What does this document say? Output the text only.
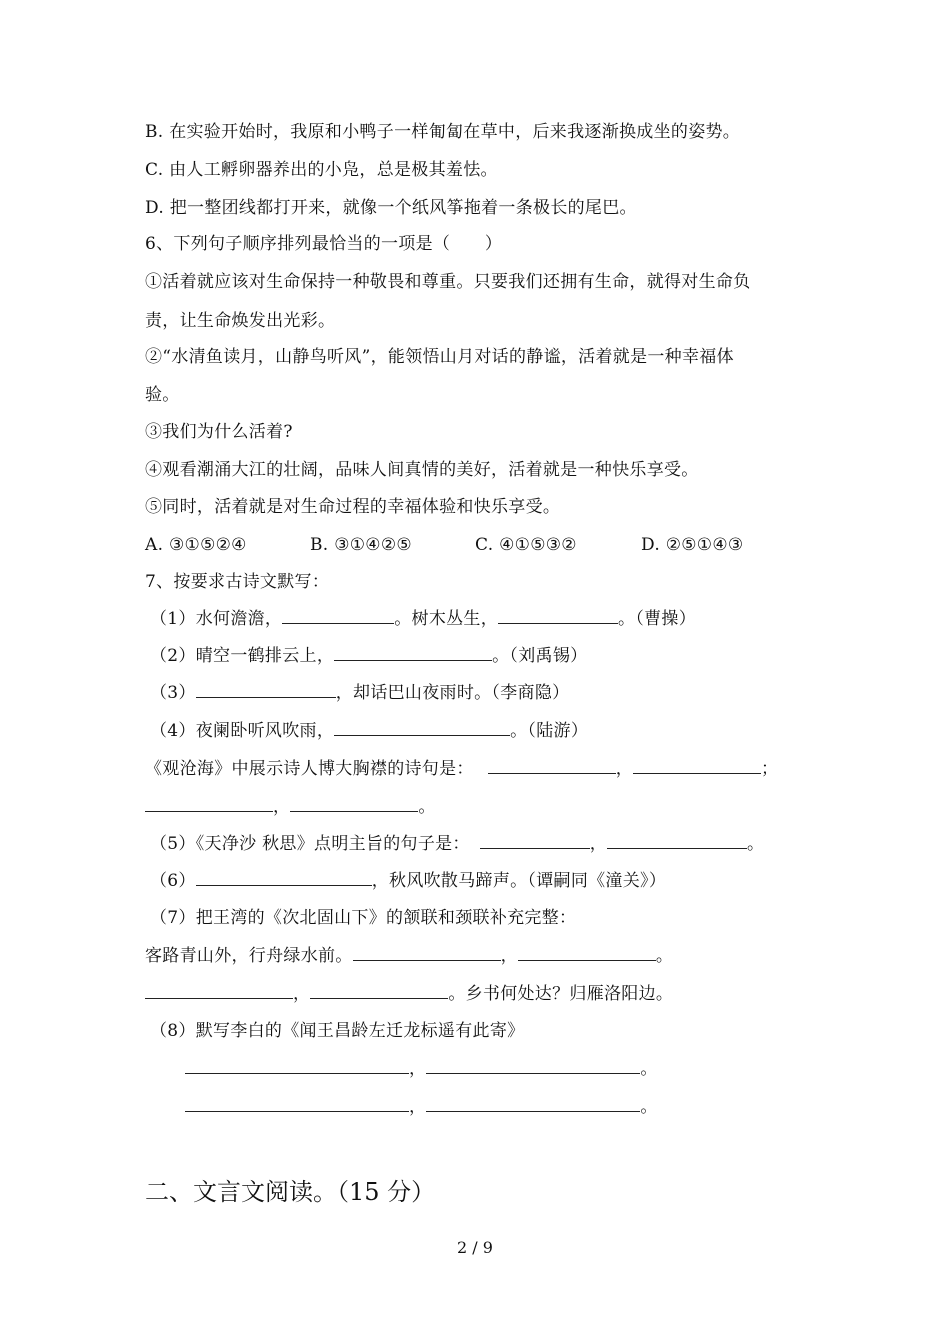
B. 在实验开始时，我原和小鸭子一样匍匐在草中，后来我逐渐换成坐的姿势。
C. 由人工孵卵器养出的小凫，总是极其羞怯。
D. 把一整团线都打开来，就像一个纸风筝拖着一条极长的尾巴。
6、下列句子顺序排列最恰当的一项是（　　）
①活着就应该对生命保持一种敬畏和尊重。只要我们还拥有生命，就得对生命负
责，让生命焕发出光彩。
②“水清鱼读月，山静鸟听风”，能领悟山月对话的静谧，活着就是一种幸福体
验。
③我们为什么活着?
④观看潮涌大江的壮阔，品味人间真情的美好，活着就是一种快乐享受。
⑤同时，活着就是对生命过程的幸福体验和快乐享受。
A. ③①⑤②④	B. ③①④②⑤	C. ④①⑤③②	D. ②⑤①④③
7、按要求古诗文默写：
（1）水何澹澹，	。树木丛生，	。（曹操）
（2）晴空一鹤排云上，	。（刘禹锡）
（3）	，却话巴山夜雨时。（李商隐）
（4）夜阑卧听风吹雨，	。（陆游）
《观沧海》中展示诗人博大胸襟的诗句是：	，	；
，	。
（5）《天净沙 秋思》点明主旨的句子是：	，	。
（6）	，秋风吹散马蹄声。（谭嗣同《潼关》）
（7）把王湾的《次北固山下》的颔联和颈联补充完整：
客路青山外，行舟绿水前。	，	。
，	。乡书何处达？归雁洛阳边。
（8）默写李白的《闻王昌龄左迁龙标遥有此寄》
，	。
，	。
二、文言文阅读。（15 分）
2 / 9
